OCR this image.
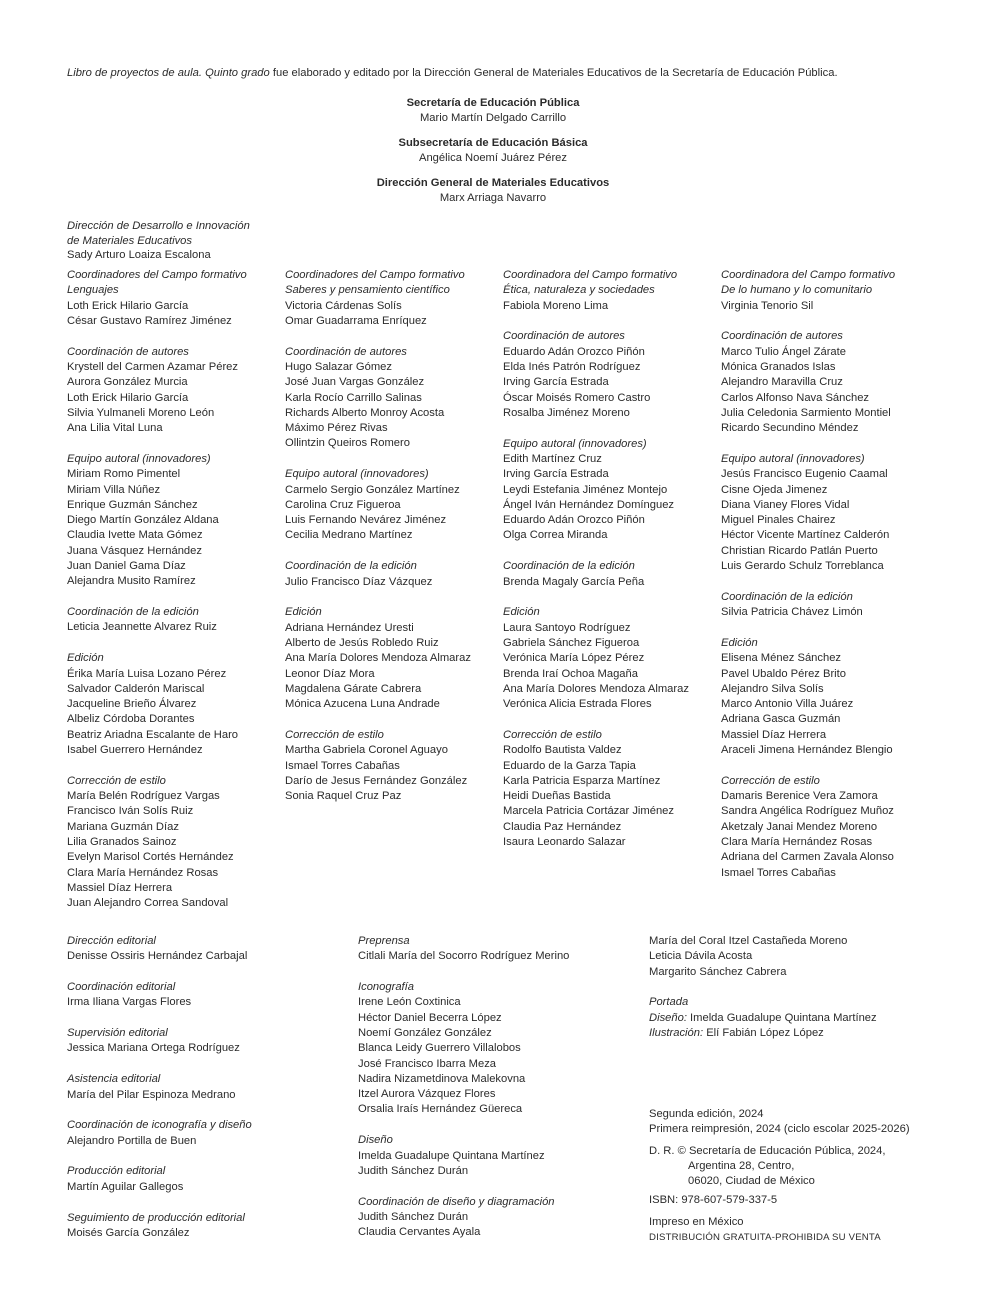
Libro de proyectos de aula. Quinto grado fue elaborado y editado por la Dirección General de Materiales Educativos de la Secretaría de Educación Pública.
Secretaría de Educación Pública
Mario Martín Delgado Carrillo
Subsecretaría de Educación Básica
Angélica Noemí Juárez Pérez
Dirección General de Materiales Educativos
Marx Arriaga Navarro
Dirección de Desarrollo e Innovación
de Materiales Educativos
Sady Arturo Loaiza Escalona
Coordinadores del Campo formativo
Lenguajes
Loth Erick Hilario García
César Gustavo Ramírez Jiménez
Coordinación de autores
Krystell del Carmen Azamar Pérez
Aurora González Murcia
Loth Erick Hilario García
Silvia Yulmaneli Moreno León
Ana Lilia Vital Luna
Equipo autoral (innovadores)
Miriam Romo Pimentel
Miriam Villa Núñez
Enrique Guzmán Sánchez
Diego Martín González Aldana
Claudia Ivette Mata Gómez
Juana Vásquez Hernández
Juan Daniel Gama Díaz
Alejandra Musito Ramírez
Coordinación de la edición
Leticia Jeannette Alvarez Ruiz
Edición
Érika María Luisa Lozano Pérez
Salvador Calderón Mariscal
Jacqueline Brieño Álvarez
Albeliz Córdoba Dorantes
Beatriz Ariadna Escalante de Haro
Isabel Guerrero Hernández
Corrección de estilo
María Belén Rodríguez Vargas
Francisco Iván Solís Ruiz
Mariana Guzmán Díaz
Lilia Granados Sainoz
Evelyn Marisol Cortés Hernández
Clara María Hernández Rosas
Massiel Díaz Herrera
Juan Alejandro Correa Sandoval
Coordinadores del Campo formativo
Saberes y pensamiento científico
Victoria Cárdenas Solís
Omar Guadarrama Enríquez
Coordinación de autores
Hugo Salazar Gómez
José Juan Vargas González
Karla Rocío Carrillo Salinas
Richards Alberto Monroy Acosta
Máximo Pérez Rivas
Ollintzin Queiros Romero
Equipo autoral (innovadores)
Carmelo Sergio González Martínez
Carolina Cruz Figueroa
Luis Fernando Nevárez Jiménez
Cecilia Medrano Martínez
Coordinación de la edición
Julio Francisco Díaz Vázquez
Edición
Adriana Hernández Uresti
Alberto de Jesús Robledo Ruiz
Ana María Dolores Mendoza Almaraz
Leonor Díaz Mora
Magdalena Gárate Cabrera
Mónica Azucena Luna Andrade
Corrección de estilo
Martha Gabriela Coronel Aguayo
Ismael Torres Cabañas
Darío de Jesus Fernández González
Sonia Raquel Cruz Paz
Coordinadora del Campo formativo
Ética, naturaleza y sociedades
Fabiola Moreno Lima
Coordinación de autores
Eduardo Adán Orozco Piñón
Elda Inés Patrón Rodríguez
Irving García Estrada
Óscar Moisés Romero Castro
Rosalba Jiménez Moreno
Equipo autoral (innovadores)
Edith Martínez Cruz
Irving García Estrada
Leydi Estefania Jiménez Montejo
Ángel Iván Hernández Domínguez
Eduardo Adán Orozco Piñón
Olga Correa Miranda
Coordinación de la edición
Brenda Magaly García Peña
Edición
Laura Santoyo Rodríguez
Gabriela Sánchez Figueroa
Verónica María López Pérez
Brenda Iraí Ochoa Magaña
Ana María Dolores Mendoza Almaraz
Verónica Alicia Estrada Flores
Corrección de estilo
Rodolfo Bautista Valdez
Eduardo de la Garza Tapia
Karla Patricia Esparza Martínez
Heidi Dueñas Bastida
Marcela Patricia Cortázar Jiménez
Claudia Paz Hernández
Isaura Leonardo Salazar
Coordinadora del Campo formativo
De lo humano y lo comunitario
Virginia Tenorio Sil
Coordinación de autores
Marco Tulio Ángel Zárate
Mónica Granados Islas
Alejandro Maravilla Cruz
Carlos Alfonso Nava Sánchez
Julia Celedonia Sarmiento Montiel
Ricardo Secundino Méndez
Equipo autoral (innovadores)
Jesús Francisco Eugenio Caamal
Cisne Ojeda Jimenez
Diana Vianey Flores Vidal
Miguel Pinales Chairez
Héctor Vicente Martínez Calderón
Christian Ricardo Patlán Puerto
Luis Gerardo Schulz Torreblanca
Coordinación de la edición
Silvia Patricia Chávez Limón
Edición
Elisena Ménez Sánchez
Pavel Ubaldo Pérez Brito
Alejandro Silva Solís
Marco Antonio Villa Juárez
Adriana Gasca Guzmán
Massiel Díaz Herrera
Araceli Jimena Hernández Blengio
Corrección de estilo
Damaris Berenice Vera Zamora
Sandra Angélica Rodríguez Muñoz
Aketzaly Janai Mendez Moreno
Clara María Hernández Rosas
Adriana del Carmen Zavala Alonso
Ismael Torres Cabañas
Dirección editorial
Denisse Ossiris Hernández Carbajal
Coordinación editorial
Irma Iliana Vargas Flores
Supervisión editorial
Jessica Mariana Ortega Rodríguez
Asistencia editorial
María del Pilar Espinoza Medrano
Coordinación de iconografía y diseño
Alejandro Portilla de Buen
Producción editorial
Martín Aguilar Gallegos
Seguimiento de producción editorial
Moisés García González
Preprensa
Citlali María del Socorro Rodríguez Merino
Iconografía
Irene León Coxtinica
Héctor Daniel Becerra López
Noemí González González
Blanca Leidy Guerrero Villalobos
José Francisco Ibarra Meza
Nadira Nizametdinova Malekovna
Itzel Aurora Vázquez Flores
Orsalia Iraís Hernández Güereca
Diseño
Imelda Guadalupe Quintana Martínez
Judith Sánchez Durán
Coordinación de diseño y diagramación
Judith Sánchez Durán
Claudia Cervantes Ayala
María del Coral Itzel Castañeda Moreno
Leticia Dávila Acosta
Margarito Sánchez Cabrera
Portada
Diseño: Imelda Guadalupe Quintana Martínez
Ilustración: Elí Fabián López López
Segunda edición, 2024
Primera reimpresión, 2024 (ciclo escolar 2025-2026)
D. R. © Secretaría de Educación Pública, 2024,
Argentina 28, Centro,
06020, Ciudad de México
ISBN: 978-607-579-337-5
Impreso en México
DISTRIBUCIÓN GRATUITA-PROHIBIDA SU VENTA
